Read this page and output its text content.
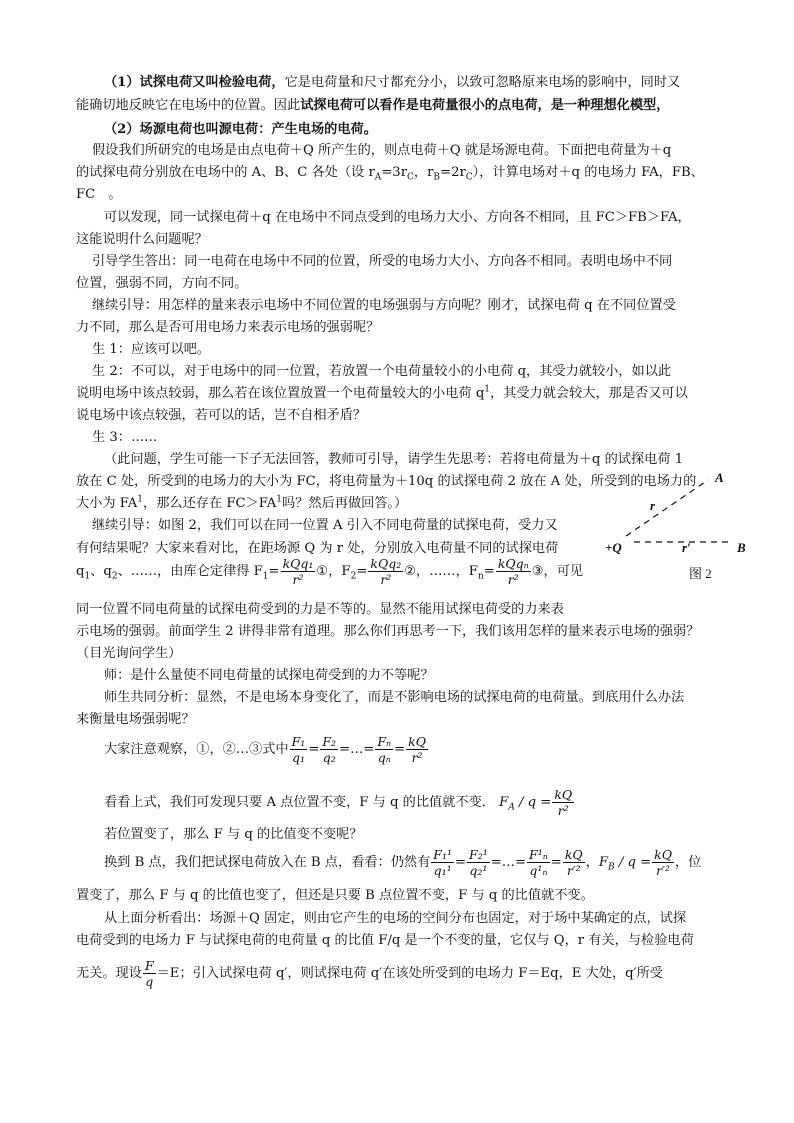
（1）试探电荷又叫检验电荷，它是电荷量和尺寸都充分小，以致可忽略原来电场的影响中，同时又
能确切地反映它在电场中的位置。因此试探电荷可以看作是电荷量很小的点电荷，是一种理想化模型，
（2）场源电荷也叫源电荷：产生电场的电荷。
假设我们所研究的电场是由点电荷＋Q 所产生的，则点电荷＋Q 就是场源电荷。下面把电荷量为＋q
的试探电荷分别放在电场中的 A、B、C 各处（设 $r_A=3r_C$，$r_B=2r_C$），计算电场对＋q 的电场力 FA，FB、
FC　。
可以发现，同一试探电荷＋q 在电场中不同点受到的电场力大小、方向各不相同，且 FC＞FB＞FA，
这能说明什么问题呢？
引导学生答出：同一电荷在电场中不同的位置，所受的电场力大小、方向各不相同。表明电场中不同
位置，强弱不同，方向不同。
继续引导：用怎样的量来表示电场中不同位置的电场强弱与方向呢？刚才，试探电荷 q 在不同位置受
力不同，那么是否可用电场力来表示电场的强弱呢？
生 1：应该可以吧。
生 2：不可以，对于电场中的同一位置，若放置一个电荷量较小的小电荷 q，其受力就较小，如以此
说明电场中该点较弱，那么若在该位置放置一个电荷量较大的小电荷 $q^1$，其受力就会较大，那是否又可以
说电场中该点较强，若可以的话，岂不自相矛盾？
生 3：……
（此问题，学生可能一下子无法回答，教师可引导，请学生先思考：若将电荷量为＋q 的试探电荷 1
放在 C 处，所受到的电场力的大小为 FC，将电荷量为＋10q 的试探电荷 2 放在 A 处，所受到的电场力的
大小为 $FA^1$，那么还存在 $FC>FA^1$吗？然后再做回答。）
继续引导：如图 2，我们可以在同一位置 A 引入不同电荷量的试探电荷，受力又
有何结果呢？大家来看对比，在距场源 Q 为 r 处，分别放入电荷量不同的试探电荷
$q_1$、$q_2$、……，由库仑定律得 $F_1= \frac{\text{kQq₁}}{\text{r²}}$ ①，$F_2= \frac{\text{kQq₂}}{\text{r²}}$ ②，……，$F_n= \frac{\text{kQqₙ}}{\text{r²}}$ ③，可见
同一位置不同电荷量的试探电荷受到的力是不等的。显然不能用试探电荷受的力来表
示电场的强弱。前面学生 2 讲得非常有道理。那么你们再思考一下，我们该用怎样的量来表示电场的强弱？
（目光询问学生）
A
B
+Q
r
r′
图 2
师：是什么量使不同电荷量的试探电荷受到的力不等呢？
师生共同分析：显然，不是电场本身变化了，而是不影响电场的试探电荷的电荷量。到底用什么办法
来衡量电场强弱呢？
大家注意观察，①，②…③式中 $\frac{\text{F₁}}{\text{q₁}} = \frac{\text{F₂}}{\text{q₂}}$ =…= $\frac{\text{Fₙ}}{\text{qₙ}} = \frac{kQ}{\text{r²}}$
看看上式，我们可发现只要 A 点位置不变，F 与 q 的比值就不变． $F_A / q = \frac{kQ}{\text{r²}}$
若位置变了，那么 F 与 q 的比值变不变呢？
换到 B 点，我们把试探电荷放入在 B 点，看看：仍然有 $\frac{\text{F₁¹}}{\text{q₁¹}} = \frac{\text{F₂¹}}{\text{q₂¹}}$ =…= $\frac{\text{F¹ₙ}}{\text{q¹ₙ}} = \frac{kQ}{\text{r′²}}$ ，$F_B / q = \frac{kQ}{\text{r′²}}$ ，位
置变了，那么 F 与 q 的比值也变了，但还是只要 B 点位置不变，F 与 q 的比值就不变。
从上面分析看出：场源＋Q 固定，则由它产生的电场的空间分布也固定，对于场中某确定的点，试探
电荷受到的电场力 F 与试探电荷的电荷量 q 的比值 F/q 是一个不变的量，它仅与 Q，r 有关，与检验电荷
无关。现设 $\frac{F}{q} =E$；引入试探电荷 q′，则试探电荷 q′在该处所受到的电场力 F＝Eq，E 大处，q′所受
